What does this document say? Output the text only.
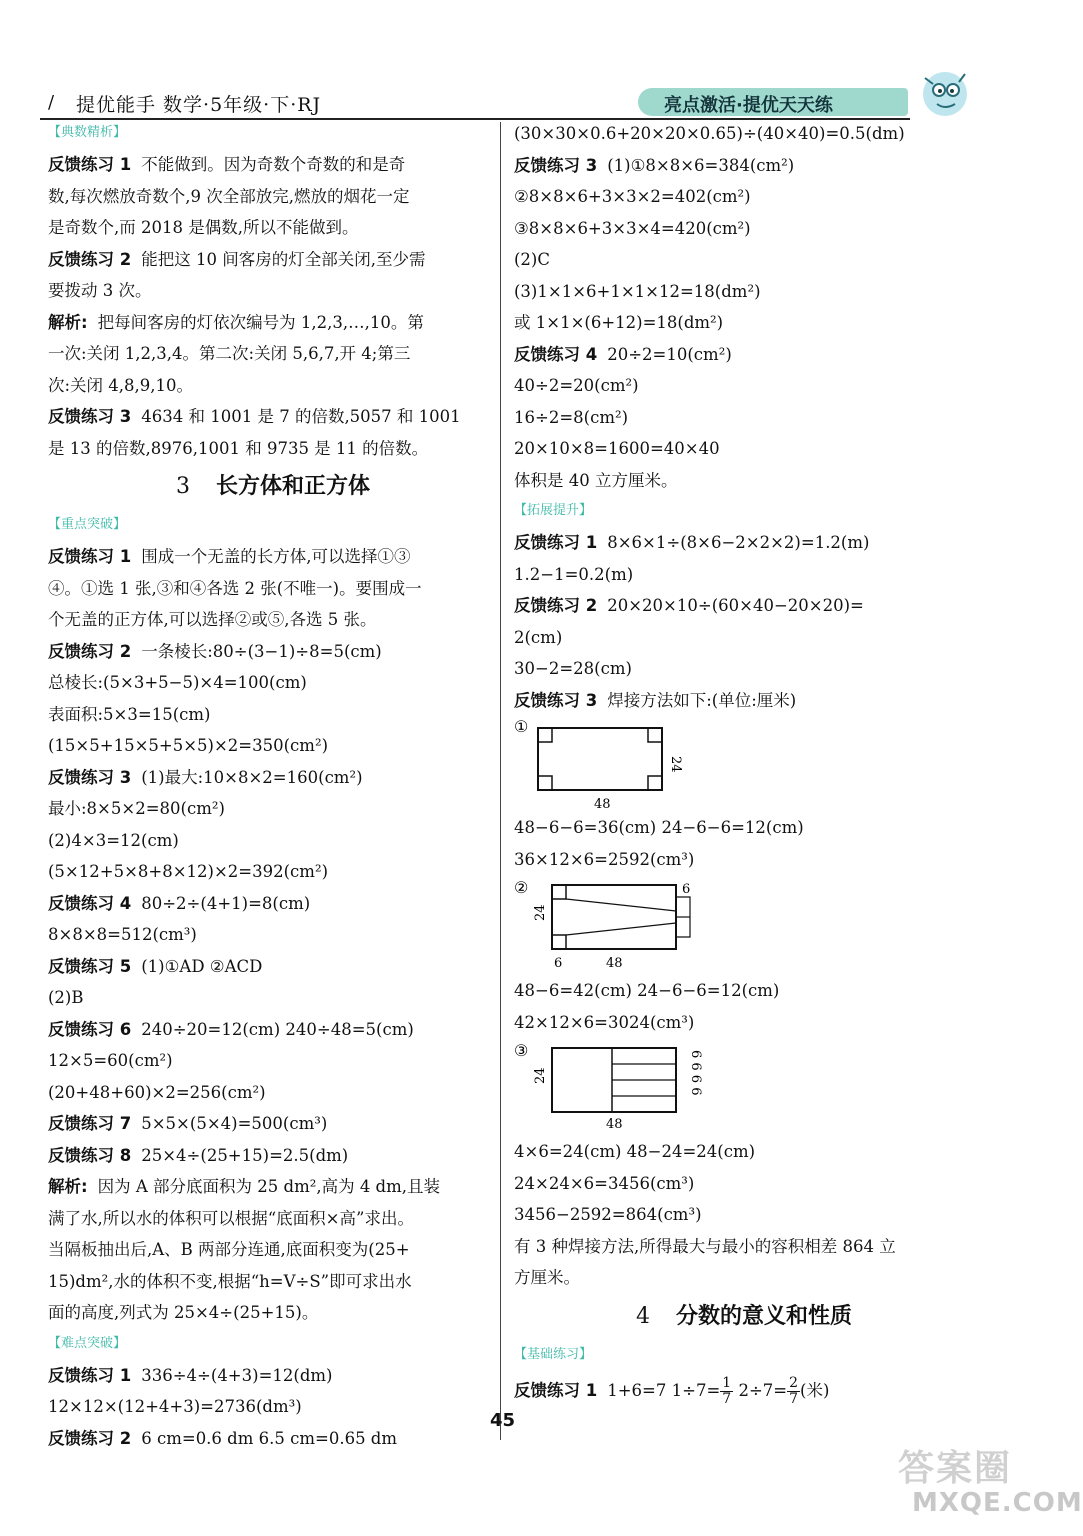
/ 提优能手 数学·5年级·下·RJ	亮点激活·提优天天练
【典数精析】
反馈练习 1 不能做到。因为奇数个奇数的和是奇
数,每次燃放奇数个,9 次全部放完,燃放的烟花一定
是奇数个,而 2018 是偶数,所以不能做到。
反馈练习 2 能把这 10 间客房的灯全部关闭,至少需
要拨动 3 次。
解析: 把每间客房的灯依次编号为 1,2,3,…,10。第
一次:关闭 1,2,3,4。第二次:关闭 5,6,7,开 4;第三
次:关闭 4,8,9,10。
反馈练习 3 4634 和 1001 是 7 的倍数,5057 和 1001
是 13 的倍数,8976,1001 和 9735 是 11 的倍数。
3 长方体和正方体
【重点突破】
反馈练习 1 围成一个无盖的长方体,可以选择①③
④。①选 1 张,③和④各选 2 张(不唯一)。要围成一
个无盖的正方体,可以选择②或⑤,各选 5 张。
反馈练习 2 一条棱长:80÷(3−1)÷8=5(cm)
总棱长:(5×3+5−5)×4=100(cm)
表面积:5×3=15(cm)
(15×5+15×5+5×5)×2=350(cm²)
反馈练习 3 (1)最大:10×8×2=160(cm²)
最小:8×5×2=80(cm²)
(2)4×3=12(cm)
(5×12+5×8+8×12)×2=392(cm²)
反馈练习 4 80÷2÷(4+1)=8(cm)
8×8×8=512(cm³)
反馈练习 5 (1)①AD ②ACD
(2)B
反馈练习 6 240÷20=12(cm) 240÷48=5(cm)
12×5=60(cm²)
(20+48+60)×2=256(cm²)
反馈练习 7 5×5×(5×4)=500(cm³)
反馈练习 8 25×4÷(25+15)=2.5(dm)
解析: 因为 A 部分底面积为 25 dm²,高为 4 dm,且装
满了水,所以水的体积可以根据“底面积×高”求出。
当隔板抽出后,A、B 两部分连通,底面积变为(25+
15)dm²,水的体积不变,根据“h=V÷S”即可求出水
面的高度,列式为 25×4÷(25+15)。
【难点突破】
反馈练习 1 336÷4÷(4+3)=12(dm)
12×12×(12+4+3)=2736(dm³)
反馈练习 2 6 cm=0.6 dm 6.5 cm=0.65 dm
(30×30×0.6+20×20×0.65)÷(40×40)=0.5(dm)
反馈练习 3 (1)①8×8×6=384(cm²)
②8×8×6+3×3×2=402(cm²)
③8×8×6+3×3×4=420(cm²)
(2)C
(3)1×1×6+1×1×12=18(dm²)
或 1×1×(6+12)=18(dm²)
反馈练习 4 20÷2=10(cm²)
40÷2=20(cm²)
16÷2=8(cm²)
20×10×8=1600=40×40
体积是 40 立方厘米。
【拓展提升】
反馈练习 1 8×6×1÷(8×6−2×2×2)=1.2(m)
1.2−1=0.2(m)
反馈练习 2 20×20×10÷(60×40−20×20)=
2(cm)
30−2=28(cm)
反馈练习 3 焊接方法如下:(单位:厘米)
①
24
48
48−6−6=36(cm) 24−6−6=12(cm)
36×12×6=2592(cm³)
②	6
24
6	48
48−6=42(cm) 24−6−6=12(cm)
42×12×6=3024(cm³)
③	6 6 6 6
24
48
4×6=24(cm) 48−24=24(cm)
24×24×6=3456(cm³)
3456−2592=864(cm³)
有 3 种焊接方法,所得最大与最小的容积相差 864 立
方厘米。
4 分数的意义和性质
【基础练习】
反馈练习 1 1+6=7 $1\div 7= \frac{1}{7} 2\div 7= \frac{2}{7}$ (米)
45
答案圈
MXQE.COM
